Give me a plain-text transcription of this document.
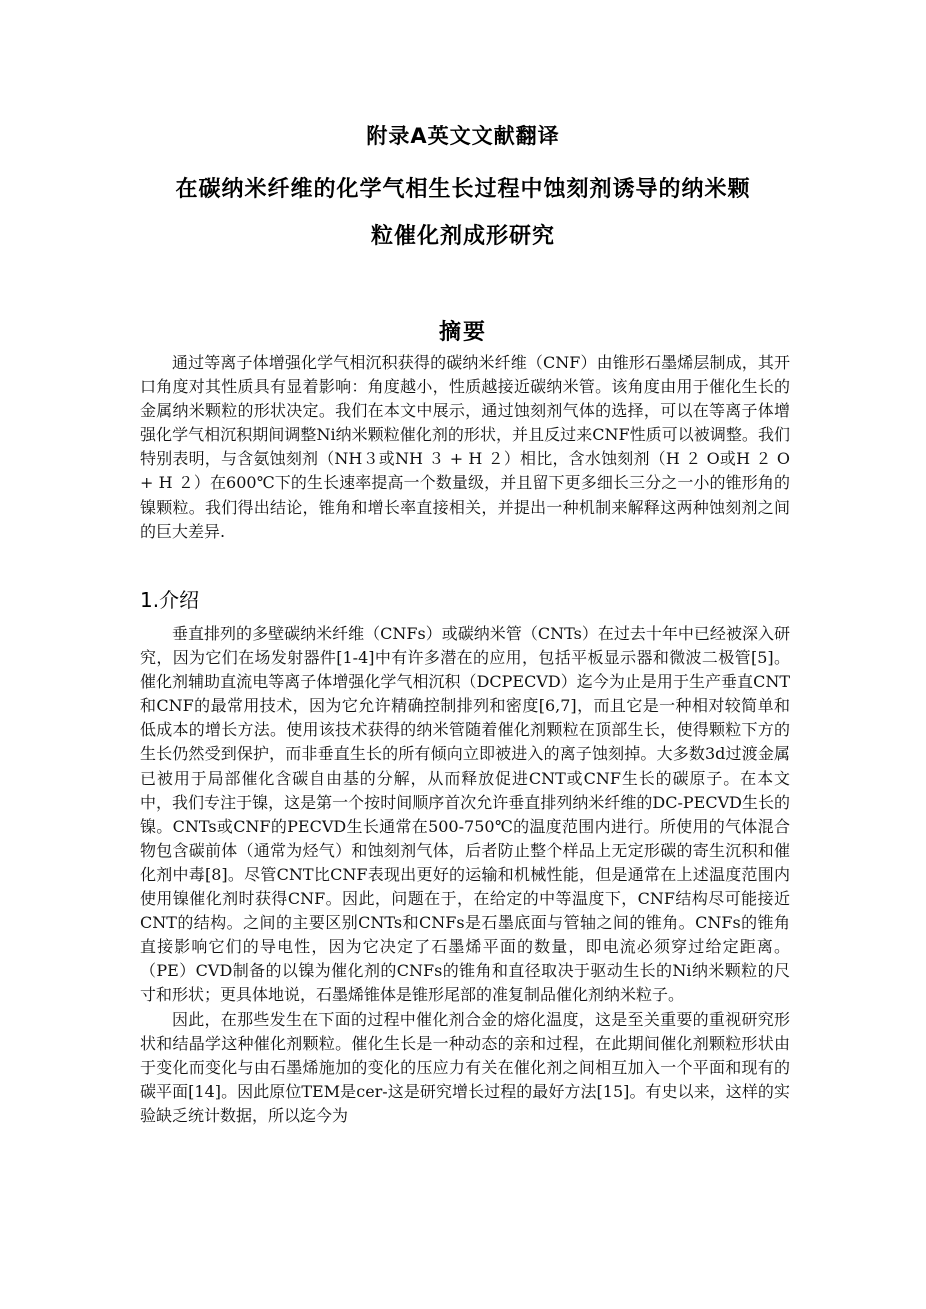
附录A英文文献翻译
在碳纳米纤维的化学气相生长过程中蚀刻剂诱导的纳米颗
粒催化剂成形研究
摘要

通过等离子体增强化学气相沉积获得的碳纳米纤维（CNF）由锥形石墨烯层制成，其开口角度对其性质具有显着影响：角度越小，性质越接近碳纳米管。该角度由用于催化生长的金属纳米颗粒的形状决定。我们在本文中展示，通过蚀刻剂气体的选择，可以在等离子体增强化学气相沉积期间调整Ni纳米颗粒催化剂的形状，并且反过来CNF性质可以被调整。我们特别表明，与含氨蚀刻剂（NH３或NH ３ + H ２）相比，含水蚀刻剂（H ２ O或H ２ O + H ２）在600℃下的生长速率提高一个数量级，并且留下更多细长三分之一小的锥形角的镍颗粒。我们得出结论，锥角和增长率直接相关，并提出一种机制来解释这两种蚀刻剂之间的巨大差异.

1.介绍

垂直排列的多壁碳纳米纤维（CNFs）或碳纳米管（CNTs）在过去十年中已经被深入研究，因为它们在场发射器件[1-4]中有许多潜在的应用，包括平板显示器和微波二极管[5]。催化剂辅助直流电等离子体增强化学气相沉积（DCPECVD）迄今为止是用于生产垂直CNT和CNF的最常用技术，因为它允许精确控制排列和密度[6,7]，而且它是一种相对较简单和低成本的增长方法。使用该技术获得的纳米管随着催化剂颗粒在顶部生长，使得颗粒下方的生长仍然受到保护，而非垂直生长的所有倾向立即被进入的离子蚀刻掉。大多数3d过渡金属已被用于局部催化含碳自由基的分解，从而释放促进CNT或CNF生长的碳原子。在本文中，我们专注于镍，这是第一个按时间顺序首次允许垂直排列纳米纤维的DC-PECVD生长的镍。CNTs或CNF的PECVD生长通常在500-750℃的温度范围内进行。所使用的气体混合物包含碳前体（通常为烃气）和蚀刻剂气体，后者防止整个样品上无定形碳的寄生沉积和催化剂中毒[8]。尽管CNT比CNF表现出更好的运输和机械性能，但是通常在上述温度范围内使用镍催化剂时获得CNF。因此，问题在于，在给定的中等温度下，CNF结构尽可能接近CNT的结构。之间的主要区别CNTs和CNFs是石墨底面与管轴之间的锥角。CNFs的锥角直接影响它们的导电性，因为它决定了石墨烯平面的数量，即电流必须穿过给定距离。 （PE）CVD制备的以镍为催化剂的CNFs的锥角和直径取决于驱动生长的Ni纳米颗粒的尺寸和形状；更具体地说，石墨烯锥体是锥形尾部的准复制品催化剂纳米粒子。

因此，在那些发生在下面的过程中催化剂合金的熔化温度，这是至关重要的重视研究形状和结晶学这种催化剂颗粒。催化生长是一种动态的亲和过程，在此期间催化剂颗粒形状由于变化而变化与由石墨烯施加的变化的压应力有关在催化剂之间相互加入一个平面和现有的碳平面[14]。因此原位TEM是cer-这是研究增长过程的最好方法[15]。有史以来，这样的实验缺乏统计数据，所以迄今为
